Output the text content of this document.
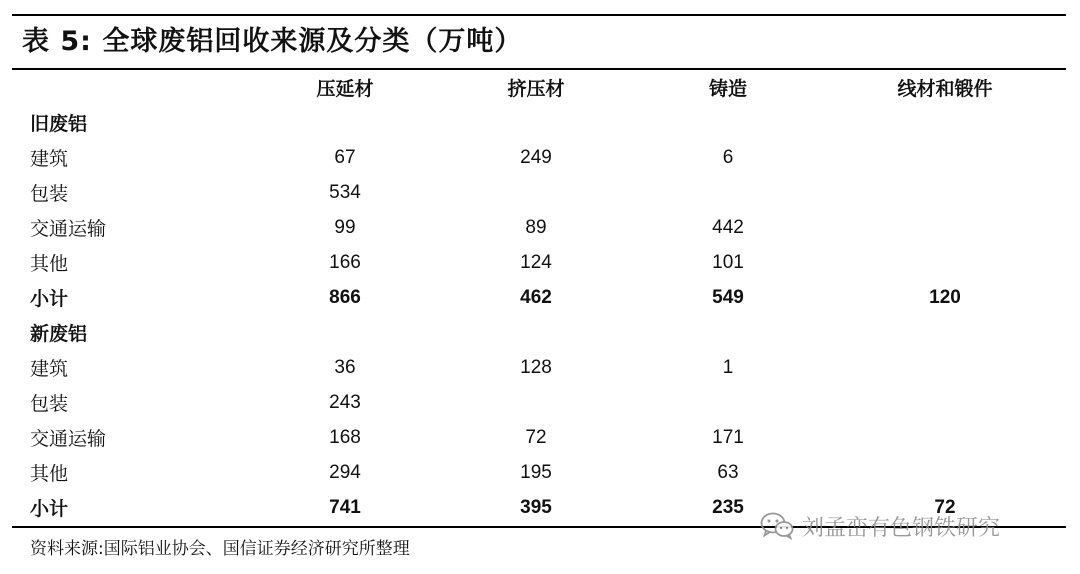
表 5: 全球废铝回收来源及分类（万吨）
	压延材	挤压材	铸造	线材和锻件
旧废铝				
建筑	67	249	6	
包装	534			
交通运输	99	89	442	
其他	166	124	101	
小计	866	462	549	120
新废铝				
建筑	36	128	1	
包装	243			
交通运输	168	72	171	
其他	294	195	63	
小计	741	395	235	72
资料来源:国际铝业协会、国信证券经济研究所整理
刘孟峦有色钢铁研究
